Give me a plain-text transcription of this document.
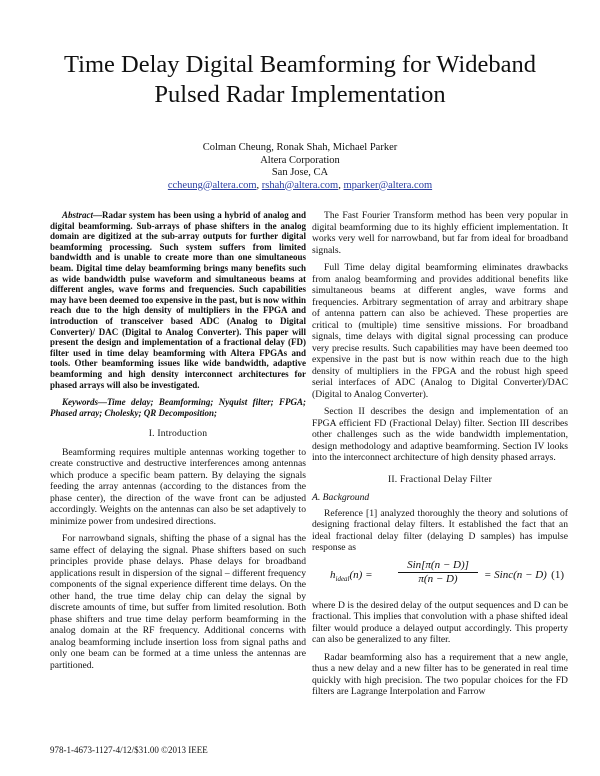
Time Delay Digital Beamforming for Wideband Pulsed Radar Implementation
Colman Cheung, Ronak Shah, Michael Parker
Altera Corporation
San Jose, CA
ccheung@altera.com, rshah@altera.com, mparker@altera.com

Abstract—Radar system has been using a hybrid of analog and digital beamforming. Sub-arrays of phase shifters in the analog domain are digitized at the sub-array outputs for further digital beamforming processing. Such system suffers from limited bandwidth and is unable to create more than one simultaneous beam. Digital time delay beamforming brings many benefits such as wide bandwidth pulse waveform and simultaneous beams at different angles, wave forms and frequencies. Such capabilities may have been deemed too expensive in the past, but is now within reach due to the high density of multipliers in the FPGA and introduction of transceiver based ADC (Analog to Digital Converter)/ DAC (Digital to Analog Converter). This paper will present the design and implementation of a fractional delay (FD) filter used in time delay beamforming with Altera FPGAs and tools. Other beamforming issues like wide bandwidth, adaptive beamforming and high density interconnect architectures for phased arrays will also be investigated.

Keywords—Time delay; Beamforming; Nyquist filter; FPGA; Phased array; Cholesky; QR Decomposition;

I. Introduction

Beamforming requires multiple antennas working together to create constructive and destructive interferences among antennas which produce a specific beam pattern. By delaying the signals feeding the array antennas (according to the distances from the phase center), the direction of the wave front can be adjusted accordingly. Weights on the antennas can also be set adaptively to minimize power from undesired directions.

For narrowband signals, shifting the phase of a signal has the same effect of delaying the signal. Phase shifters based on such principles provide phase delays. Phase delays for broadband applications result in dispersion of the signal – different frequency components of the signal experience different time delays. On the other hand, the true time delay chip can delay the signal by discrete amounts of time, but suffer from limited resolution. Both phase shifters and true time delay perform beamforming in the analog domain at the RF frequency. Additional concerns with analog beamforming include insertion loss from signal paths and only one beam can be formed at a time unless the antennas are partitioned.

The Fast Fourier Transform method has been very popular in digital beamforming due to its highly efficient implementation. It works very well for narrowband, but far from ideal for broadband signals.

Full Time delay digital beamforming eliminates drawbacks from analog beamforming and provides additional benefits like simultaneous beams at different angles, wave forms and frequencies. Arbitrary segmentation of array and arbitrary shape of antenna pattern can also be achieved. These properties are critical to (multiple) time sensitive missions. For broadband signals, time delays with digital signal processing can produce very precise results. Such capabilities may have been deemed too expensive in the past but is now within reach due to the high density of multipliers in the FPGA and the robust high speed serial interfaces of ADC (Analog to Digital Converter)/DAC (Digital to Analog Converter).

Section II describes the design and implementation of an FPGA efficient FD (Fractional Delay) filter. Section III describes other challenges such as the wide bandwidth implementation, design methodology and adaptive beamforming. Section IV looks into the interconnect architecture of high density phased arrays.

II. Fractional Delay Filter
A. Background

Reference [1] analyzed thoroughly the theory and solutions of designing fractional delay filters. It established the fact that an ideal fractional delay filter (delaying D samples) has impulse response as

$h_{ideal}(n)$ =
Sin[π(n − D)]
π(n − D)	= Sinc(n − D) (1)

where D is the desired delay of the output sequences and D can be fractional. This implies that convolution with a phase shifted ideal filter would produce a delayed output accordingly. This property can also be generalized to any filter.

Radar beamforming also has a requirement that a new angle, thus a new delay and a new filter has to be generated in real time quickly with high precision. The two popular choices for the FD filters are Lagrange Interpolation and Farrow

978-1-4673-1127-4/12/$31.00 ©2013 IEEE
